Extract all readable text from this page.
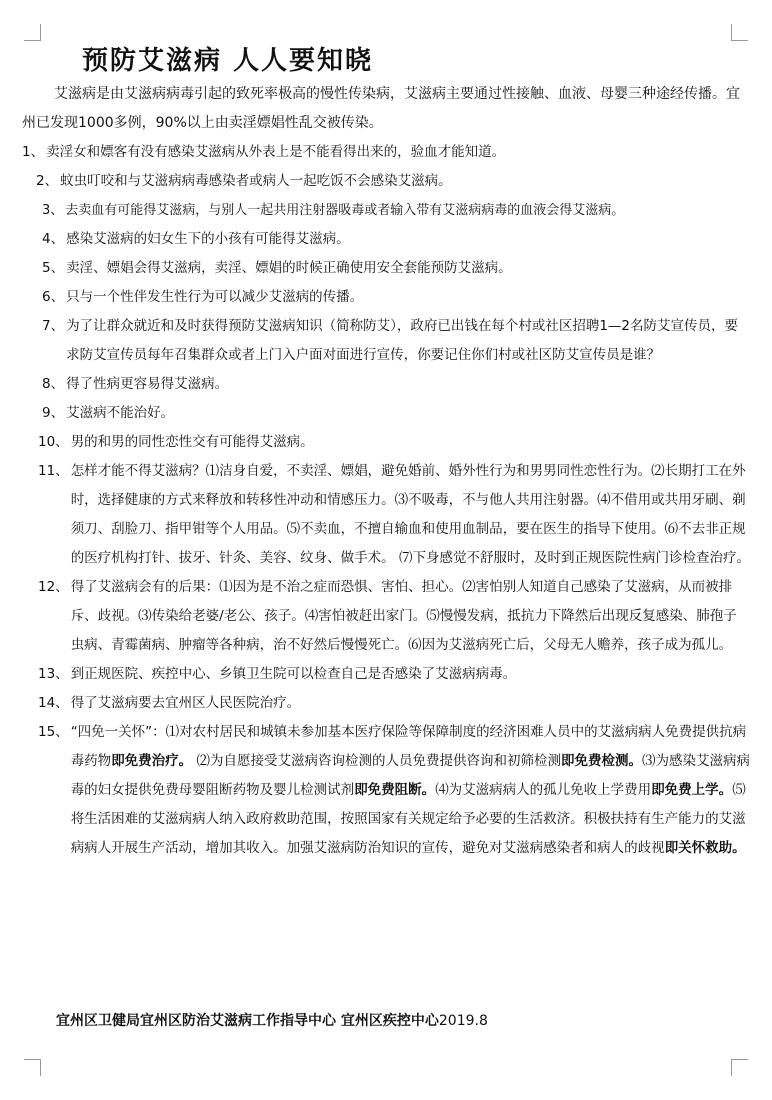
预防艾滋病 人人要知晓

艾滋病是由艾滋病病毒引起的致死率极高的慢性传染病，艾滋病主要通过性接触、血液、母婴三种途经传播。宜州已发现1000多例，90%以上由卖淫嫖娼性乱交被传染。

1、 卖淫女和嫖客有没有感染艾滋病从外表上是不能看得出来的，验血才能知道。
2、 蚊虫叮咬和与艾滋病病毒感染者或病人一起吃饭不会感染艾滋病。
3、 去卖血有可能得艾滋病，与别人一起共用注射器吸毒或者输入带有艾滋病病毒的血液会得艾滋病。
4、 感染艾滋病的妇女生下的小孩有可能得艾滋病。
5、 卖淫、嫖娼会得艾滋病，卖淫、嫖娼的时候正确使用安全套能预防艾滋病。
6、 只与一个性伴发生性行为可以减少艾滋病的传播。
7、 为了让群众就近和及时获得预防艾滋病知识（简称防艾），政府已出钱在每个村或社区招聘1—2名防艾宣传员，要求防艾宣传员每年召集群众或者上门入户面对面进行宣传，你要记住你们村或社区防艾宣传员是谁？
8、 得了性病更容易得艾滋病。
9、 艾滋病不能治好。
10、 男的和男的同性恋性交有可能得艾滋病。
11、 怎样才能不得艾滋病？⑴洁身自爱，不卖淫、嫖娼，避免婚前、婚外性行为和男男同性恋性行为。⑵长期打工在外时，选择健康的方式来释放和转移性冲动和情感压力。⑶不吸毒，不与他人共用注射器。⑷不借用或共用牙刷、剃须刀、刮脸刀、指甲钳等个人用品。⑸不卖血，不擅自输血和使用血制品，要在医生的指导下使用。⑹不去非正规的医疗机构打针、拔牙、针灸、美容、纹身、做手术。 ⑺下身感觉不舒服时，及时到正规医院性病门诊检查治疗。
12、 得了艾滋病会有的后果：⑴因为是不治之症而恐惧、害怕、担心。⑵害怕别人知道自己感染了艾滋病，从而被排斥、歧视。⑶传染给老婆/老公、孩子。⑷害怕被赶出家门。⑸慢慢发病，抵抗力下降然后出现反复感染、肺孢子虫病、青霉菌病、肿瘤等各种病，治不好然后慢慢死亡。⑹因为艾滋病死亡后，父母无人赡养，孩子成为孤儿。
13、 到正规医院、疾控中心、乡镇卫生院可以检查自己是否感染了艾滋病病毒。
14、 得了艾滋病要去宜州区人民医院治疗。
15、 “四免一关怀”：⑴对农村居民和城镇未参加基本医疗保险等保障制度的经济困难人员中的艾滋病病人免费提供抗病毒药物即免费治疗。 ⑵为自愿接受艾滋病咨询检测的人员免费提供咨询和初筛检测即免费检测。⑶为感染艾滋病病毒的妇女提供免费母婴阻断药物及婴儿检测试剂即免费阻断。⑷为艾滋病病人的孤儿免收上学费用即免费上学。⑸将生活困难的艾滋病病人纳入政府救助范围，按照国家有关规定给予必要的生活救济。积极扶持有生产能力的艾滋病病人开展生产活动，增加其收入。加强艾滋病防治知识的宣传，避免对艾滋病感染者和病人的歧视即关怀救助。
宜州区卫健局宜州区防治艾滋病工作指导中心 宜州区疾控中心2019.8
